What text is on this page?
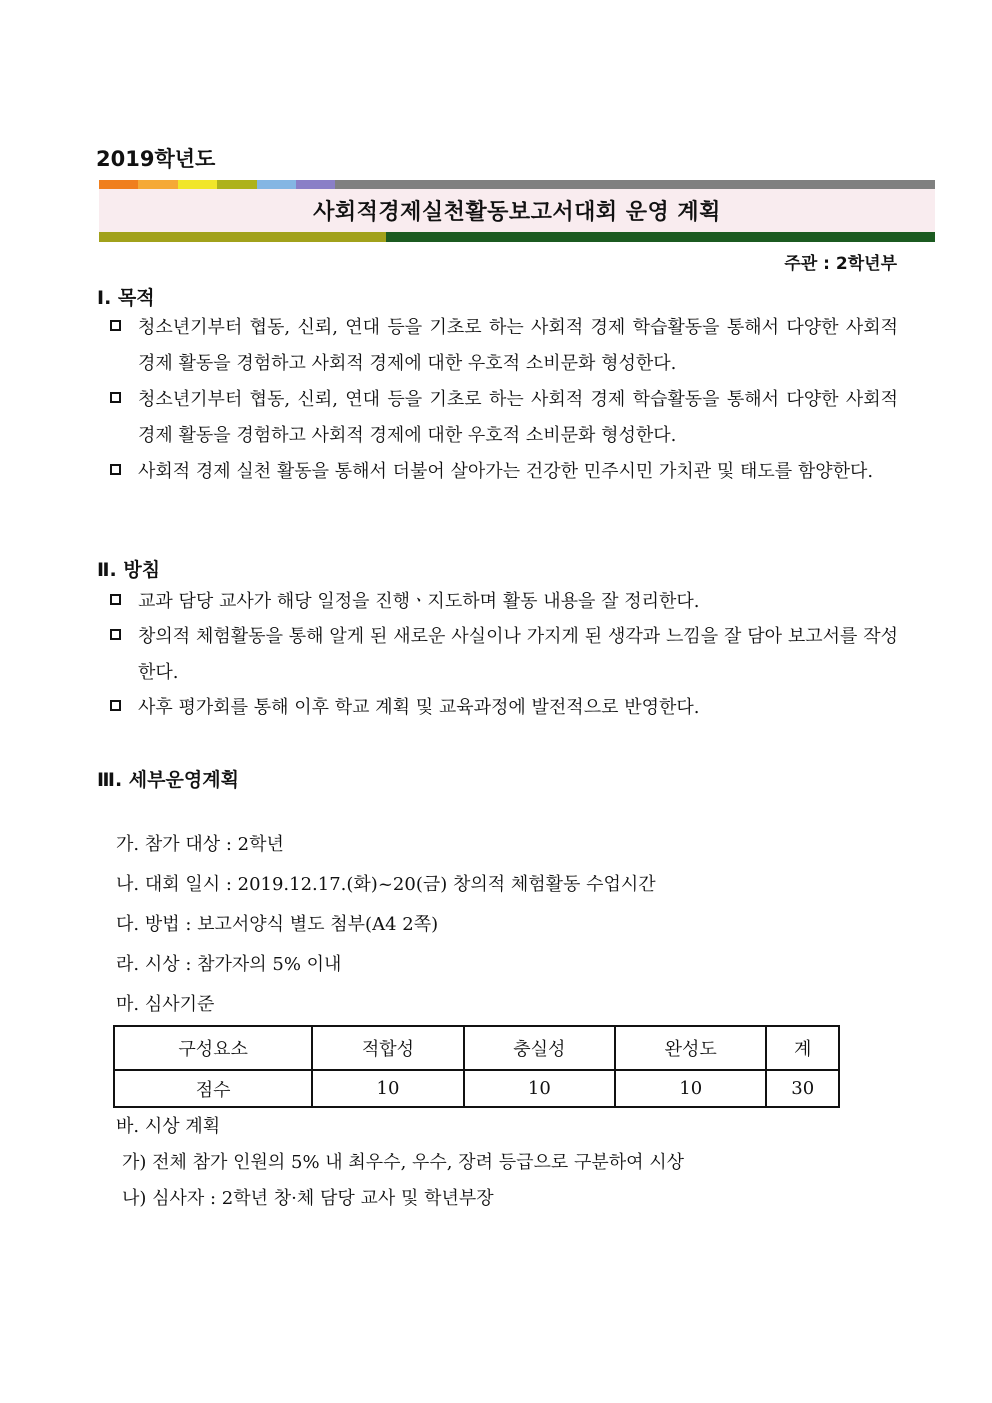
2019학년도
사회적경제실천활동보고서대회 운영 계획
주관 : 2학년부
Ⅰ. 목적
청소년기부터 협동, 신뢰, 연대 등을 기초로 하는 사회적 경제 학습활동을 통해서 다양한 사회적 경제 활동을 경험하고 사회적 경제에 대한 우호적 소비문화 형성한다.
청소년기부터 협동, 신뢰, 연대 등을 기초로 하는 사회적 경제 학습활동을 통해서 다양한 사회적 경제 활동을 경험하고 사회적 경제에 대한 우호적 소비문화 형성한다.
사회적 경제 실천 활동을 통해서 더불어 살아가는 건강한 민주시민 가치관 및 태도를 함양한다.
Ⅱ. 방침
교과 담당 교사가 해당 일정을 진행ㆍ지도하며 활동 내용을 잘 정리한다.
창의적 체험활동을 통해 알게 된 새로운 사실이나 가지게 된 생각과 느낌을 잘 담아 보고서를 작성한다.
사후 평가회를 통해 이후 학교 계획 및 교육과정에 발전적으로 반영한다.
Ⅲ. 세부운영계획
가. 참가 대상 : 2학년
나. 대회 일시 : 2019.12.17.(화)~20(금) 창의적 체험활동 수업시간
다. 방법 : 보고서양식 별도 첨부(A4 2쪽)
라. 시상 : 참가자의 5% 이내
마. 심사기준
구성요소	적합성	충실성	완성도	계
점수	10	10	10	30
바. 시상 계획
가) 전체 참가 인원의 5% 내 최우수, 우수, 장려 등급으로 구분하여 시상
나) 심사자 : 2학년 창·체 담당 교사 및 학년부장
